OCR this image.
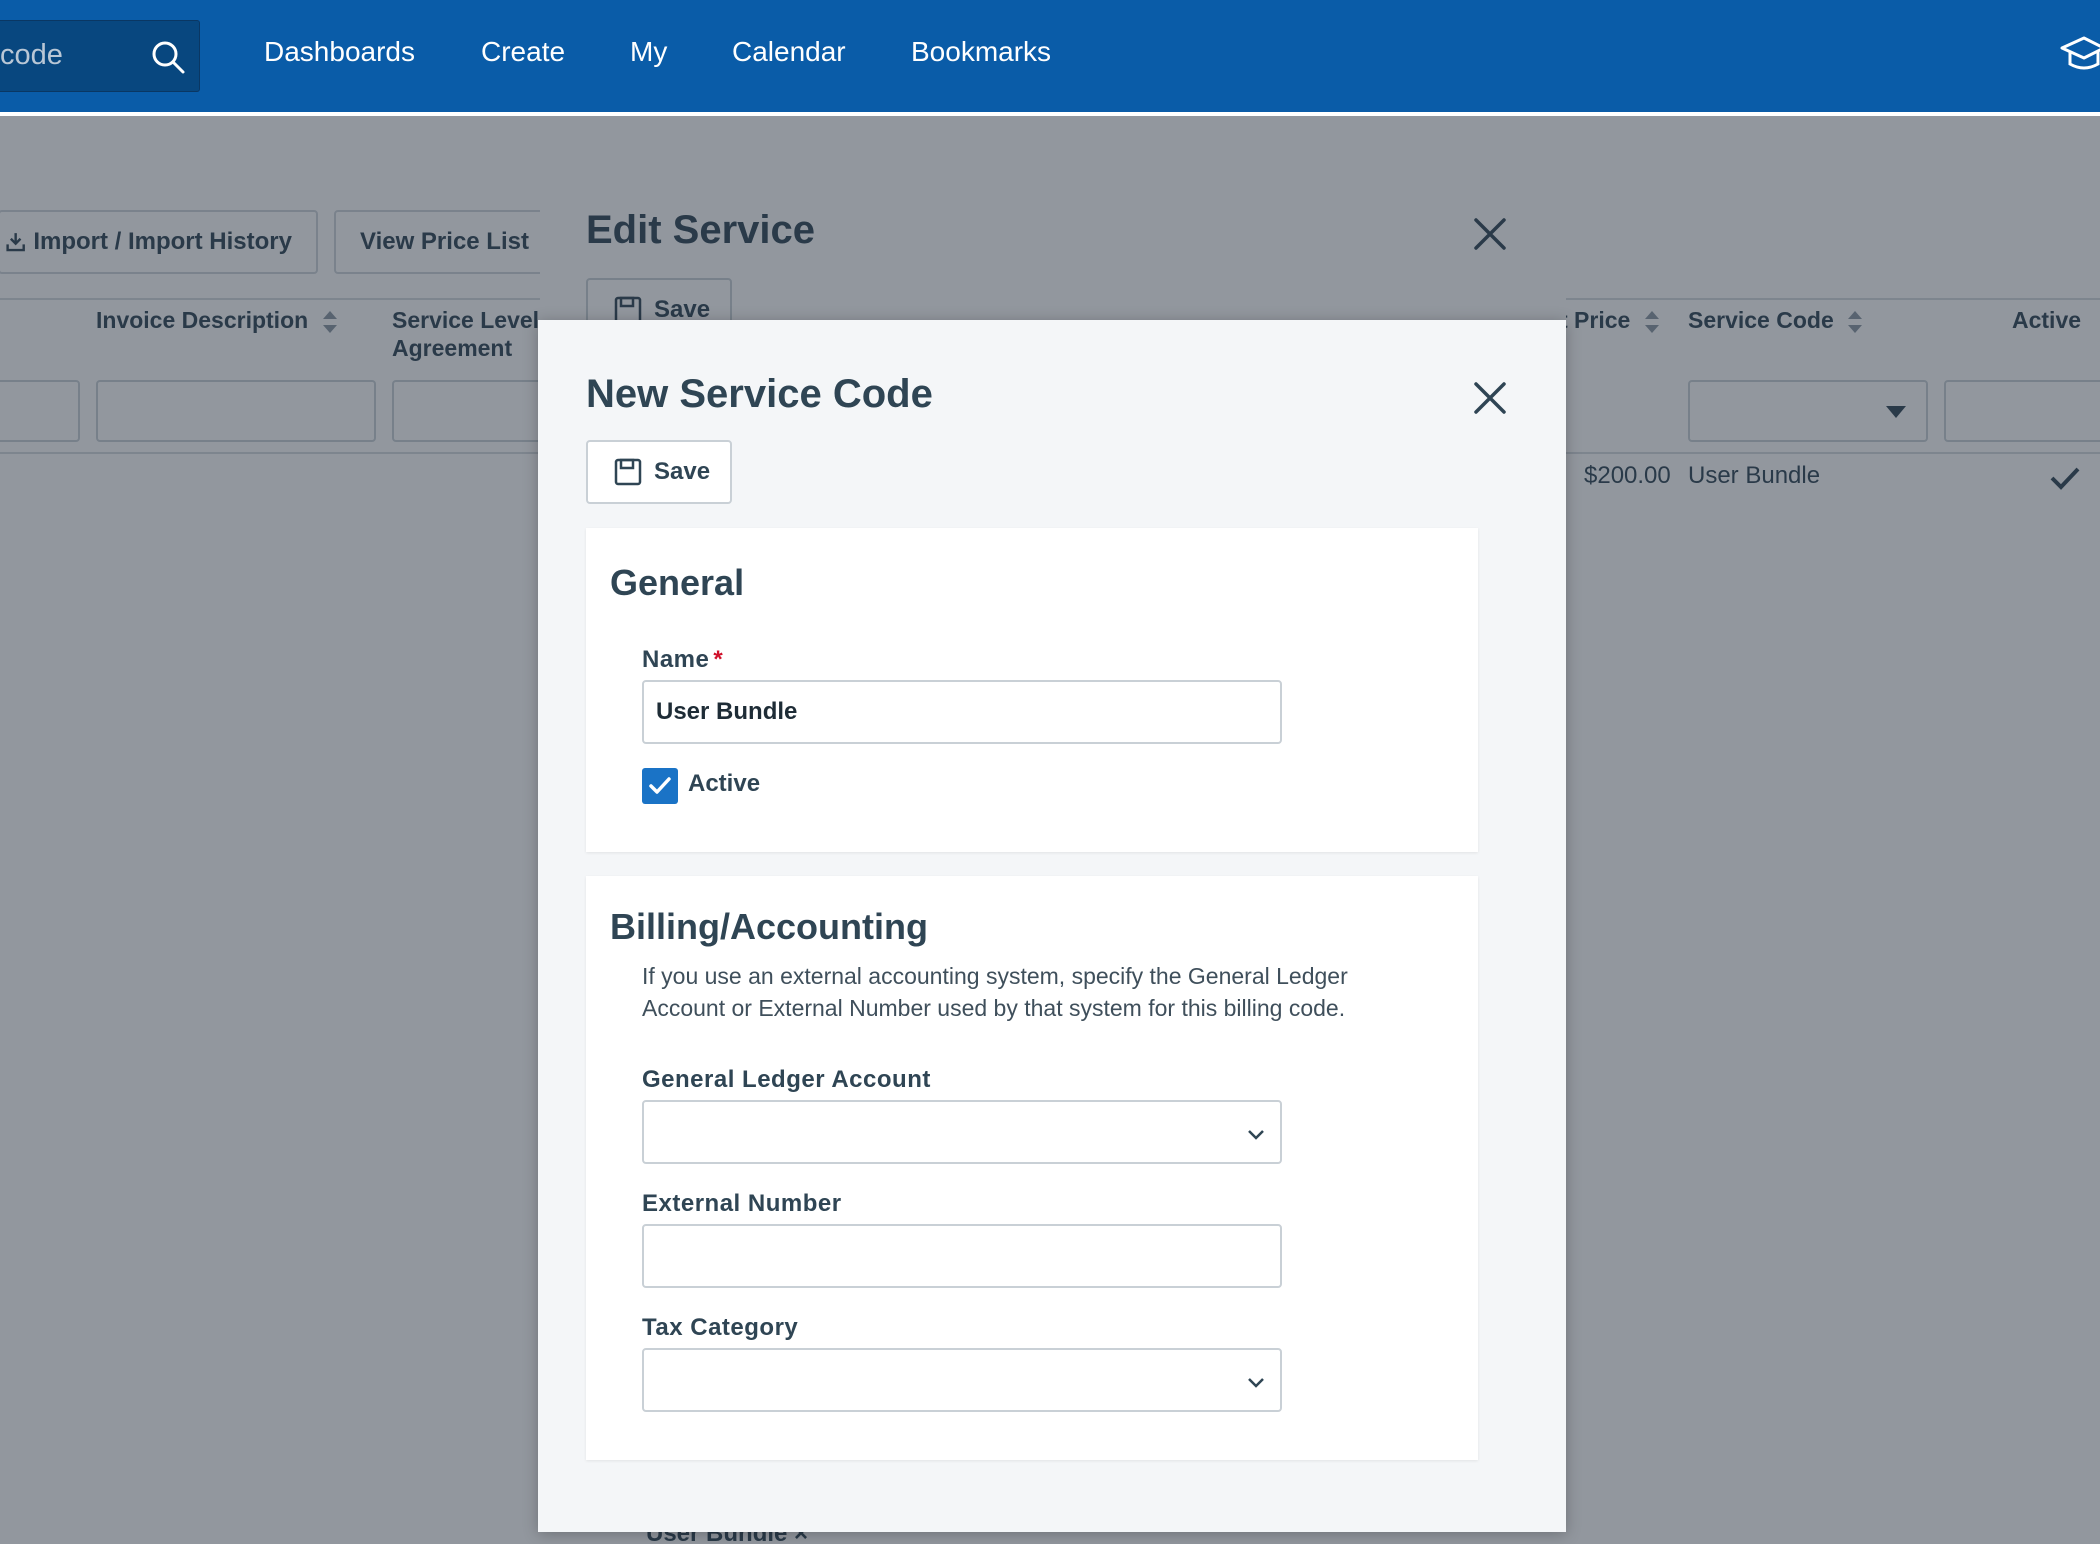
code	Dashboards Create My Calendar Bookmarks
New Service Code
Save
General
Name *
User Bundle
Active
Billing/Accounting

If you use an external accounting system, specify the General Ledger Account or External Number used by that system for this billing code.

General Ledger Account
External Number
Tax Category
